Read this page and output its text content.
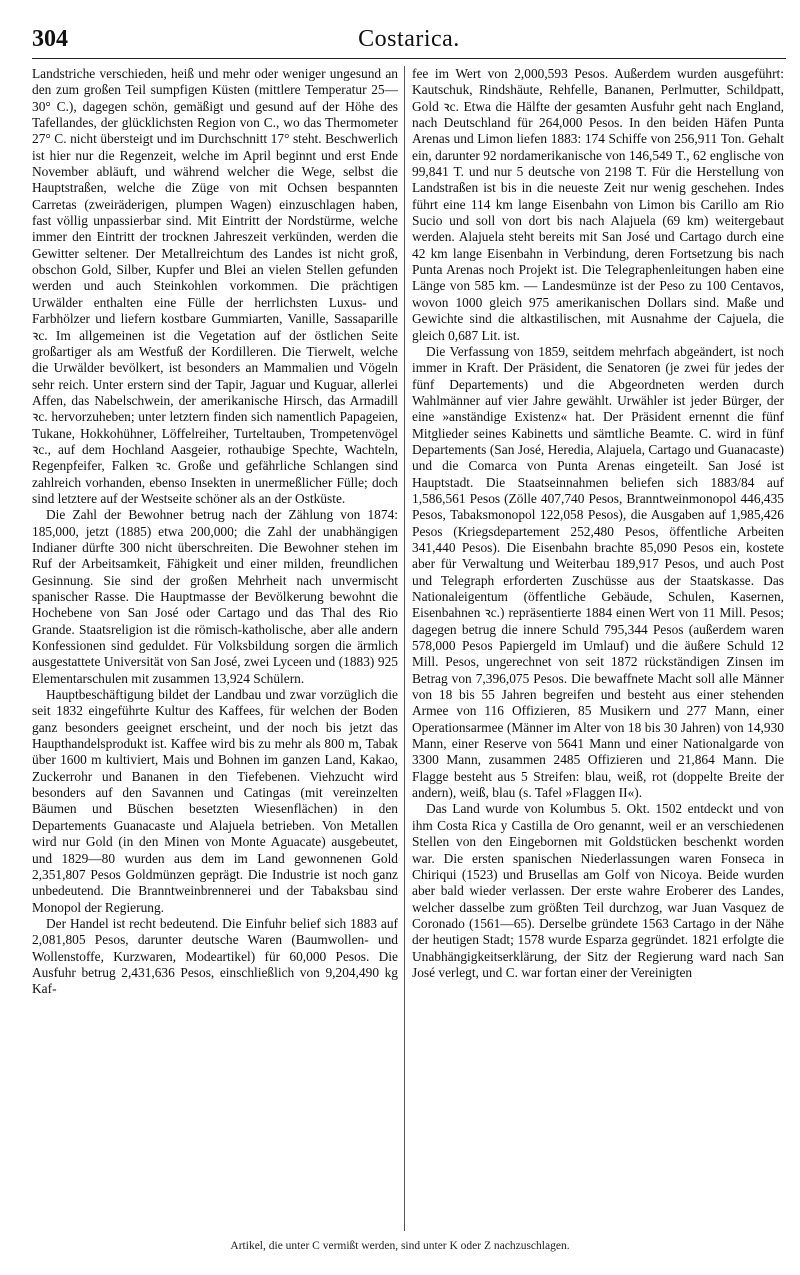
304	Costarica.

Landstriche verschieden, heiß und mehr oder weniger ungesund an den zum großen Teil sumpfigen Küsten (mittlere Temperatur 25—30° C.), dagegen schön, gemäßigt und gesund auf der Höhe des Tafellandes, der glücklichsten Region von C., wo das Thermometer 27° C. nicht übersteigt und im Durchschnitt 17° steht. Beschwerlich ist hier nur die Regenzeit, welche im April beginnt und erst Ende November abläuft, und während welcher die Wege, selbst die Hauptstraßen, welche die Züge von mit Ochsen bespannten Carretas (zweiräderigen, plumpen Wagen) einzuschlagen haben, fast völlig unpassierbar sind. Mit Eintritt der Nordstürme, welche immer den Eintritt der trocknen Jahreszeit verkünden, werden die Gewitter seltener. Der Metallreichtum des Landes ist nicht groß, obschon Gold, Silber, Kupfer und Blei an vielen Stellen gefunden werden und auch Steinkohlen vorkommen. Die prächtigen Urwälder enthalten eine Fülle der herrlichsten Luxus- und Farbhölzer und liefern kostbare Gummiarten, Vanille, Sassaparille ꝛc. Im allgemeinen ist die Vegetation auf der östlichen Seite großartiger als am Westfuß der Kordilleren. Die Tierwelt, welche die Urwälder bevölkert, ist besonders an Mammalien und Vögeln sehr reich. Unter erstern sind der Tapir, Jaguar und Kuguar, allerlei Affen, das Nabelschwein, der amerikanische Hirsch, das Armadill ꝛc. hervorzuheben; unter letztern finden sich namentlich Papageien, Tukane, Hokkohühner, Löffelreiher, Turteltauben, Trompetenvögel ꝛc., auf dem Hochland Aasgeier, rothaubige Spechte, Wachteln, Regenpfeifer, Falken ꝛc. Große und gefährliche Schlangen sind zahlreich vorhanden, ebenso Insekten in unermeßlicher Fülle; doch sind letztere auf der Westseite schöner als an der Ostküste.

Die Zahl der Bewohner betrug nach der Zählung von 1874: 185,000, jetzt (1885) etwa 200,000; die Zahl der unabhängigen Indianer dürfte 300 nicht überschreiten. Die Bewohner stehen im Ruf der Arbeitsamkeit, Fähigkeit und einer milden, freundlichen Gesinnung. Sie sind der großen Mehrheit nach unvermischt spanischer Rasse. Die Hauptmasse der Bevölkerung bewohnt die Hochebene von San José oder Cartago und das Thal des Rio Grande. Staatsreligion ist die römisch-katholische, aber alle andern Konfessionen sind geduldet. Für Volksbildung sorgen die ärmlich ausgestattete Universität von San José, zwei Lyceen und (1883) 925 Elementarschulen mit zusammen 13,924 Schülern.

Hauptbeschäftigung bildet der Landbau und zwar vorzüglich die seit 1832 eingeführte Kultur des Kaffees, für welchen der Boden ganz besonders geeignet erscheint, und der noch bis jetzt das Haupthandelsprodukt ist. Kaffee wird bis zu mehr als 800 m, Tabak über 1600 m kultiviert, Mais und Bohnen im ganzen Land, Kakao, Zuckerrohr und Bananen in den Tiefebenen. Viehzucht wird besonders auf den Savannen und Catingas (mit vereinzelten Bäumen und Büschen besetzten Wiesenflächen) in den Departements Guanacaste und Alajuela betrieben. Von Metallen wird nur Gold (in den Minen von Monte Aguacate) ausgebeutet, und 1829—80 wurden aus dem im Land gewonnenen Gold 2,351,807 Pesos Goldmünzen geprägt. Die Industrie ist noch ganz unbedeutend. Die Branntweinbrennerei und der Tabaksbau sind Monopol der Regierung.

Der Handel ist recht bedeutend. Die Einfuhr belief sich 1883 auf 2,081,805 Pesos, darunter deutsche Waren (Baumwollen- und Wollenstoffe, Kurzwaren, Modeartikel) für 60,000 Pesos. Die Ausfuhr betrug 2,431,636 Pesos, einschließlich von 9,204,490 kg Kaf-

fee im Wert von 2,000,593 Pesos. Außerdem wurden ausgeführt: Kautschuk, Rindshäute, Rehfelle, Bananen, Perlmutter, Schildpatt, Gold ꝛc. Etwa die Hälfte der gesamten Ausfuhr geht nach England, nach Deutschland für 264,000 Pesos. In den beiden Häfen Punta Arenas und Limon liefen 1883: 174 Schiffe von 256,911 Ton. Gehalt ein, darunter 92 nordamerikanische von 146,549 T., 62 englische von 99,841 T. und nur 5 deutsche von 2198 T. Für die Herstellung von Landstraßen ist bis in die neueste Zeit nur wenig geschehen. Indes führt eine 114 km lange Eisenbahn von Limon bis Carillo am Rio Sucio und soll von dort bis nach Alajuela (69 km) weitergebaut werden. Alajuela steht bereits mit San José und Cartago durch eine 42 km lange Eisenbahn in Verbindung, deren Fortsetzung bis nach Punta Arenas noch Projekt ist. Die Telegraphenleitungen haben eine Länge von 585 km. — Landesmünze ist der Peso zu 100 Centavos, wovon 1000 gleich 975 amerikanischen Dollars sind. Maße und Gewichte sind die altkastilischen, mit Ausnahme der Cajuela, die gleich 0,687 Lit. ist.

Die Verfassung von 1859, seitdem mehrfach abgeändert, ist noch immer in Kraft. Der Präsident, die Senatoren (je zwei für jedes der fünf Departements) und die Abgeordneten werden durch Wahlmänner auf vier Jahre gewählt. Urwähler ist jeder Bürger, der eine »anständige Existenz« hat. Der Präsident ernennt die fünf Mitglieder seines Kabinetts und sämtliche Beamte. C. wird in fünf Departements (San José, Heredia, Alajuela, Cartago und Guanacaste) und die Comarca von Punta Arenas eingeteilt. San José ist Hauptstadt. Die Staatseinnahmen beliefen sich 1883/84 auf 1,586,561 Pesos (Zölle 407,740 Pesos, Branntweinmonopol 446,435 Pesos, Tabaksmonopol 122,058 Pesos), die Ausgaben auf 1,985,426 Pesos (Kriegsdepartement 252,480 Pesos, öffentliche Arbeiten 341,440 Pesos). Die Eisenbahn brachte 85,090 Pesos ein, kostete aber für Verwaltung und Weiterbau 189,917 Pesos, und auch Post und Telegraph erforderten Zuschüsse aus der Staatskasse. Das Nationaleigentum (öffentliche Gebäude, Schulen, Kasernen, Eisenbahnen ꝛc.) repräsentierte 1884 einen Wert von 11 Mill. Pesos; dagegen betrug die innere Schuld 795,344 Pesos (außerdem waren 578,000 Pesos Papiergeld im Umlauf) und die äußere Schuld 12 Mill. Pesos, ungerechnet von seit 1872 rückständigen Zinsen im Betrag von 7,396,075 Pesos. Die bewaffnete Macht soll alle Männer von 18 bis 55 Jahren begreifen und besteht aus einer stehenden Armee von 116 Offizieren, 85 Musikern und 277 Mann, einer Operationsarmee (Männer im Alter von 18 bis 30 Jahren) von 14,930 Mann, einer Reserve von 5641 Mann und einer Nationalgarde von 3300 Mann, zusammen 2485 Offizieren und 21,864 Mann. Die Flagge besteht aus 5 Streifen: blau, weiß, rot (doppelte Breite der andern), weiß, blau (s. Tafel »Flaggen II«).

Das Land wurde von Kolumbus 5. Okt. 1502 entdeckt und von ihm Costa Rica y Castilla de Oro genannt, weil er an verschiedenen Stellen von den Eingebornen mit Goldstücken beschenkt worden war. Die ersten spanischen Niederlassungen waren Fonseca in Chiriqui (1523) und Brusellas am Golf von Nicoya. Beide wurden aber bald wieder verlassen. Der erste wahre Eroberer des Landes, welcher dasselbe zum größten Teil durchzog, war Juan Vasquez de Coronado (1561—65). Derselbe gründete 1563 Cartago in der Nähe der heutigen Stadt; 1578 wurde Esparza gegründet. 1821 erfolgte die Unabhängigkeitserklärung, der Sitz der Regierung ward nach San José verlegt, und C. war fortan einer der Vereinigten

Artikel, die unter C vermißt werden, sind unter K oder Z nachzuschlagen.
